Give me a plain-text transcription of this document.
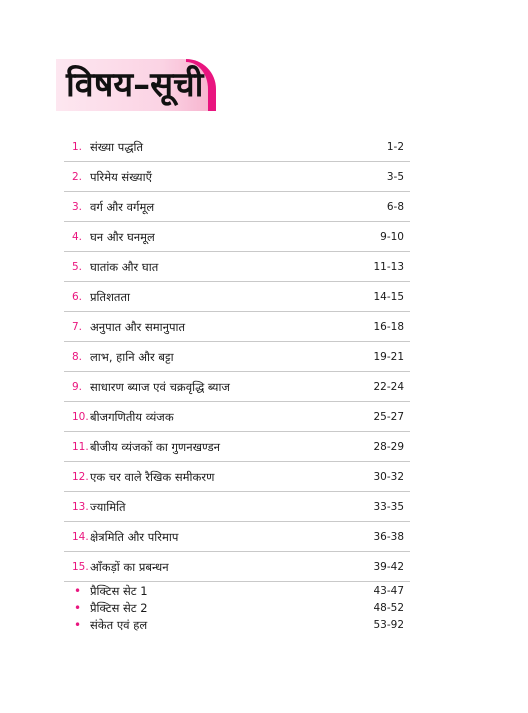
विषय–सूची
1. संख्या पद्धति	1-2
2. परिमेय संख्याएँ	3-5
3. वर्ग और वर्गमूल	6-8
4. घन और घनमूल	9-10
5. घातांक और घात	11-13
6. प्रतिशतता	14-15
7. अनुपात और समानुपात	16-18
8. लाभ, हानि और बट्टा	19-21
9. साधारण ब्याज एवं चक्रवृद्धि ब्याज	22-24
10. बीजगणितीय व्यंजक	25-27
11. बीजीय व्यंजकों का गुणनखण्डन	28-29
12. एक चर वाले रैखिक समीकरण	30-32
13. ज्यामिति	33-35
14. क्षेत्रमिति और परिमाप	36-38
15. आँकड़ों का प्रबन्धन	39-42
• प्रैक्टिस सेट 1	43-47
• प्रैक्टिस सेट 2	48-52
• संकेत एवं हल	53-92
